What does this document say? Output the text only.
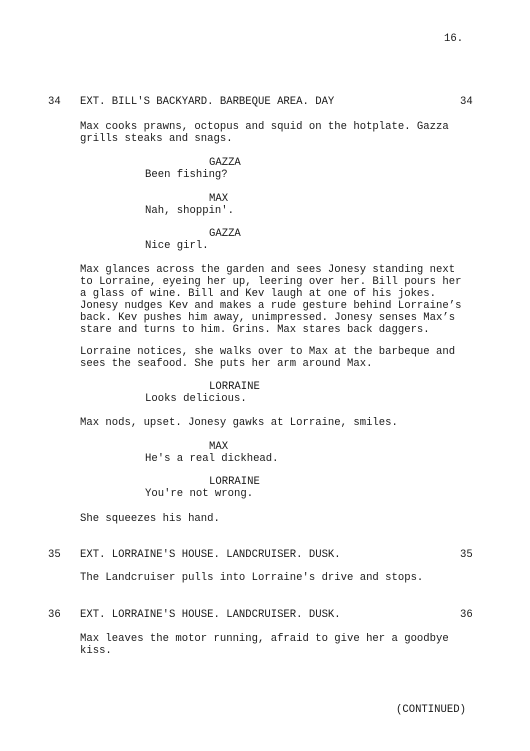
16.
34 EXT. BILL'S BACKYARD. BARBEQUE AREA. DAY	34
Max cooks prawns, octopus and squid on the hotplate. Gazza
grills steaks and snags.
GAZZA
Been fishing?
MAX
Nah, shoppin'.
GAZZA
Nice girl.
Max glances across the garden and sees Jonesy standing next
to Lorraine, eyeing her up, leering over her. Bill pours her
a glass of wine. Bill and Kev laugh at one of his jokes.
Jonesy nudges Kev and makes a rude gesture behind Lorraine’s
back. Kev pushes him away, unimpressed. Jonesy senses Max’s
stare and turns to him. Grins. Max stares back daggers.
Lorraine notices, she walks over to Max at the barbeque and
sees the seafood. She puts her arm around Max.
LORRAINE
Looks delicious.
Max nods, upset. Jonesy gawks at Lorraine, smiles.
MAX
He's a real dickhead.
LORRAINE
You're not wrong.
She squeezes his hand.
35 EXT. LORRAINE'S HOUSE. LANDCRUISER. DUSK.	35
The Landcruiser pulls into Lorraine's drive and stops.
36 EXT. LORRAINE'S HOUSE. LANDCRUISER. DUSK.	36
Max leaves the motor running, afraid to give her a goodbye
kiss.
(CONTINUED)
